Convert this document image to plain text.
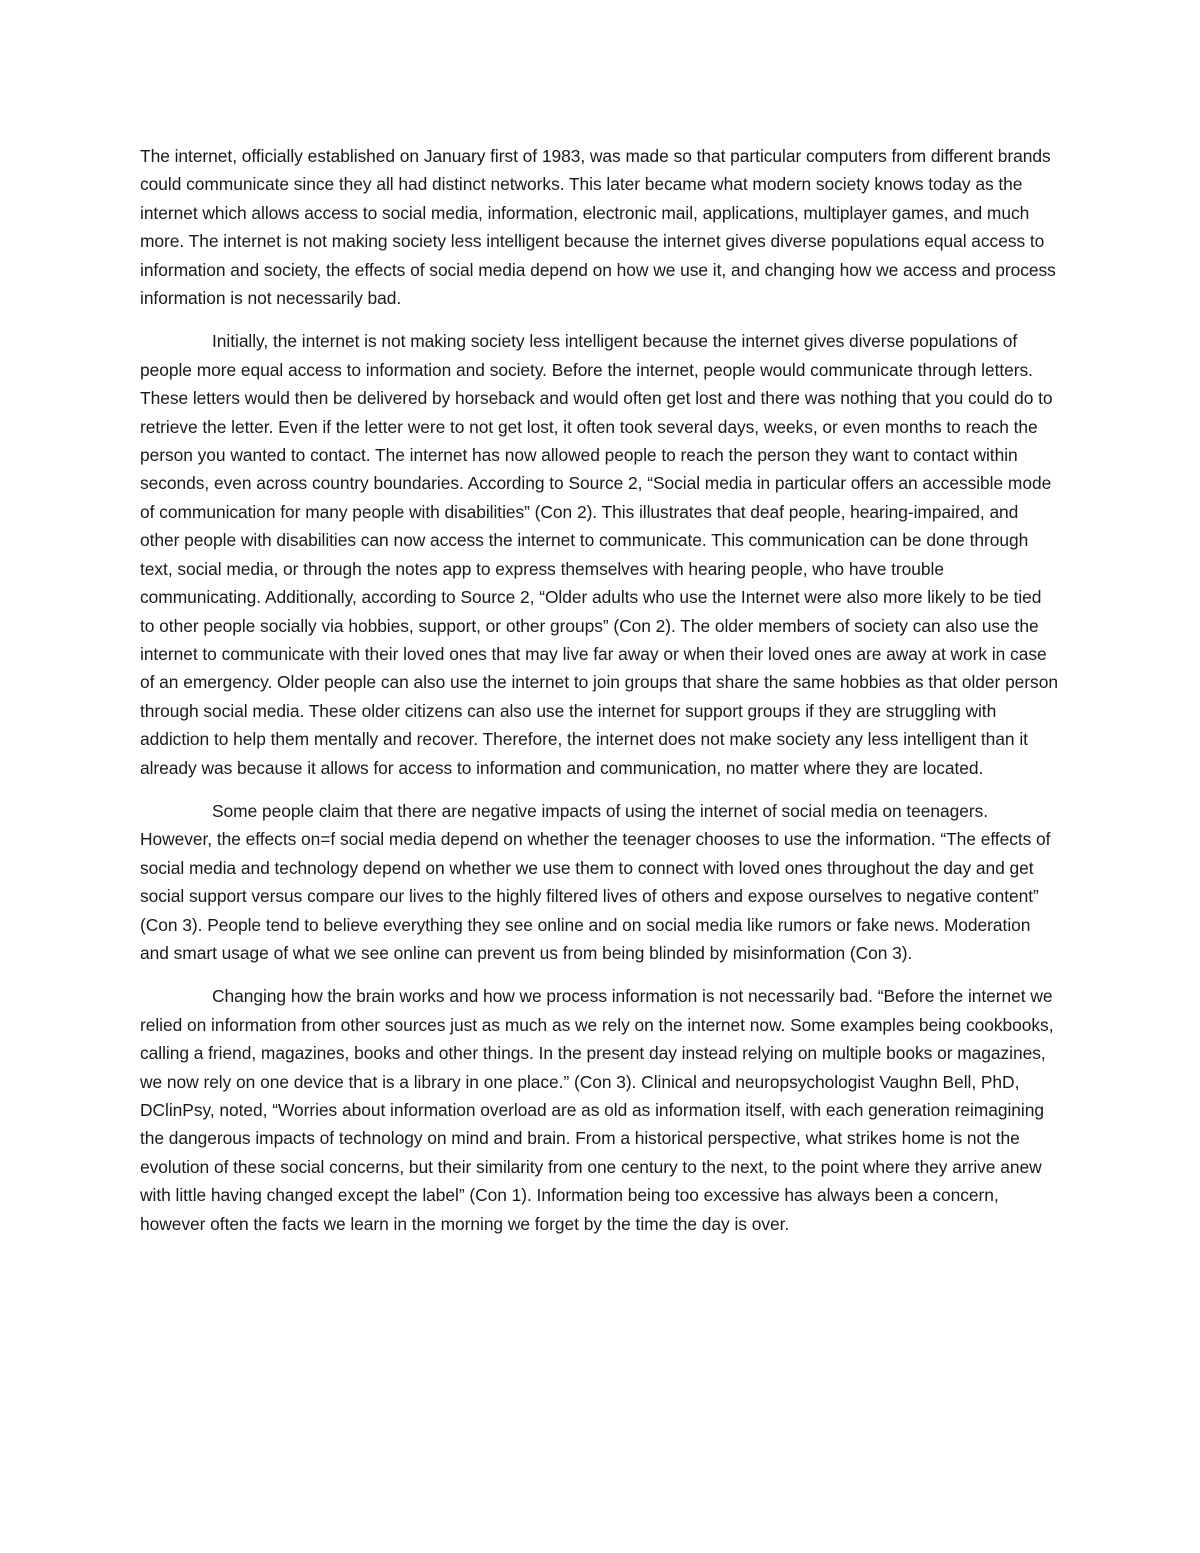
The internet, officially established on January first of 1983, was made so that particular computers from different brands could communicate since they all had distinct networks. This later became what modern society knows today as the internet which allows access to social media, information, electronic mail, applications, multiplayer games, and much more. The internet is not making society less intelligent because the internet gives diverse populations equal access to information and society, the effects of social media depend on how we use it, and changing how we access and process information is not necessarily bad.

Initially, the internet is not making society less intelligent because the internet gives diverse populations of people more equal access to information and society. Before the internet, people would communicate through letters. These letters would then be delivered by horseback and would often get lost and there was nothing that you could do to retrieve the letter. Even if the letter were to not get lost, it often took several days, weeks, or even months to reach the person you wanted to contact. The internet has now allowed people to reach the person they want to contact within seconds, even across country boundaries. According to Source 2, “Social media in particular offers an accessible mode of communication for many people with disabilities” (Con 2). This illustrates that deaf people, hearing-impaired, and other people with disabilities can now access the internet to communicate. This communication can be done through text, social media, or through the notes app to express themselves with hearing people, who have trouble communicating. Additionally, according to Source 2, “Older adults who use the Internet were also more likely to be tied to other people socially via hobbies, support, or other groups” (Con 2). The older members of society can also use the internet to communicate with their loved ones that may live far away or when their loved ones are away at work in case of an emergency. Older people can also use the internet to join groups that share the same hobbies as that older person through social media. These older citizens can also use the internet for support groups if they are struggling with addiction to help them mentally and recover. Therefore, the internet does not make society any less intelligent than it already was because it allows for access to information and communication, no matter where they are located.

Some people claim that there are negative impacts of using the internet of social media on teenagers. However, the effects on=f social media depend on whether the teenager chooses to use the information. “The effects of social media and technology depend on whether we use them to connect with loved ones throughout the day and get social support versus compare our lives to the highly filtered lives of others and expose ourselves to negative content” (Con 3). People tend to believe everything they see online and on social media like rumors or fake news. Moderation and smart usage of what we see online can prevent us from being blinded by misinformation (Con 3).

Changing how the brain works and how we process information is not necessarily bad. “Before the internet we relied on information from other sources just as much as we rely on the internet now. Some examples being cookbooks, calling a friend, magazines, books and other things. In the present day instead relying on multiple books or magazines, we now rely on one device that is a library in one place.” (Con 3). Clinical and neuropsychologist Vaughn Bell, PhD, DClinPsy, noted, “Worries about information overload are as old as information itself, with each generation reimagining the dangerous impacts of technology on mind and brain. From a historical perspective, what strikes home is not the evolution of these social concerns, but their similarity from one century to the next, to the point where they arrive anew with little having changed except the label” (Con 1). Information being too excessive has always been a concern, however often the facts we learn in the morning we forget by the time the day is over.
